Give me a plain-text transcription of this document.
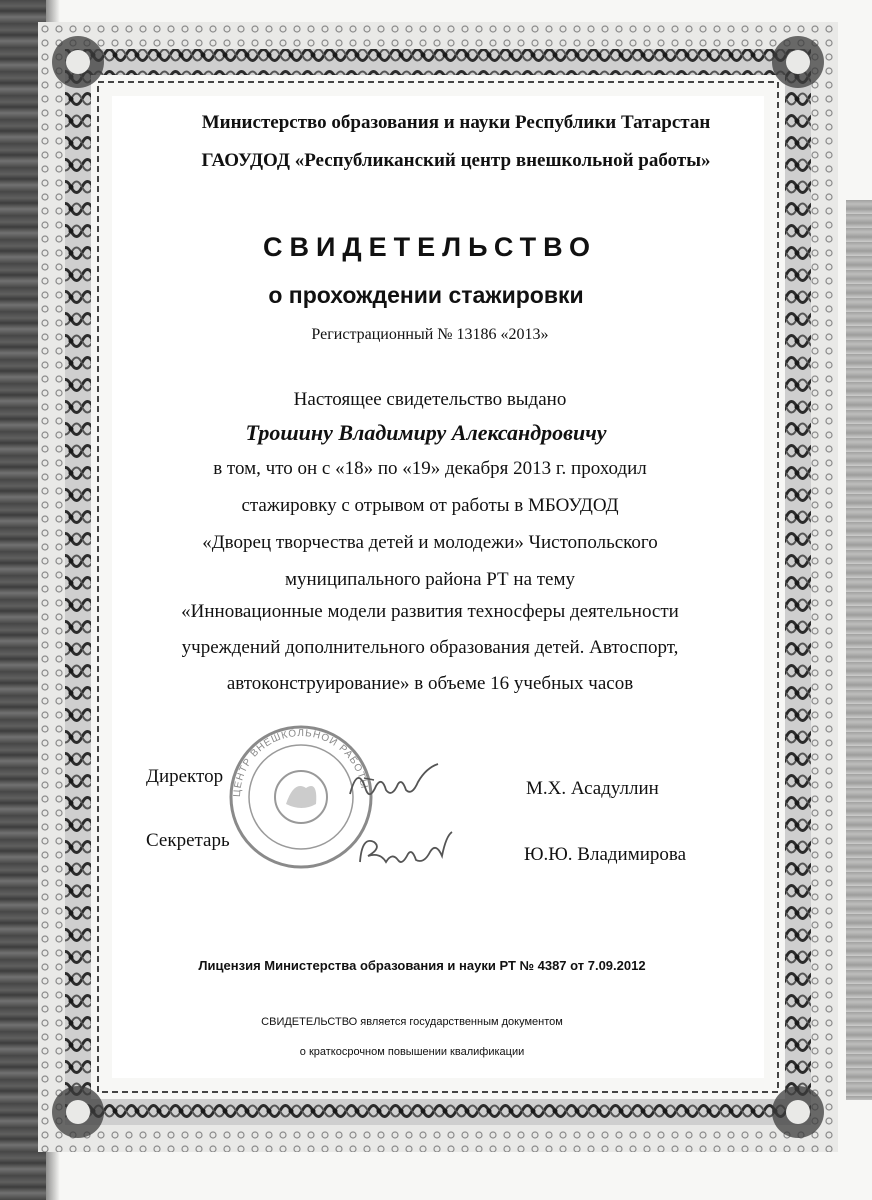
Министерство образования и науки Республики Татарстан
ГАОУДОД «Республиканский центр внешкольной работы»
СВИДЕТЕЛЬСТВО
о прохождении стажировки
Регистрационный № 13186 «2013»
Настоящее свидетельство выдано
Трошину Владимиру Александровичу
в том, что он с «18» по «19» декабря 2013 г. проходил
стажировку с отрывом от работы в МБОУДОД
«Дворец творчества детей и молодежи» Чистопольского
муниципального района РТ на тему
«Инновационные модели развития техносферы деятельности
учреждений дополнительного образования детей. Автоспорт,
автоконструирование» в объеме 16 учебных часов
ЦЕНТР ВНЕШКОЛЬНОЙ РАБОТЫ
Директор
М.Х. Асадуллин
Секретарь
Ю.Ю. Владимирова
Лицензия Министерства образования и науки РТ № 4387 от 7.09.2012
СВИДЕТЕЛЬСТВО является государственным документом
о краткосрочном повышении квалификации
